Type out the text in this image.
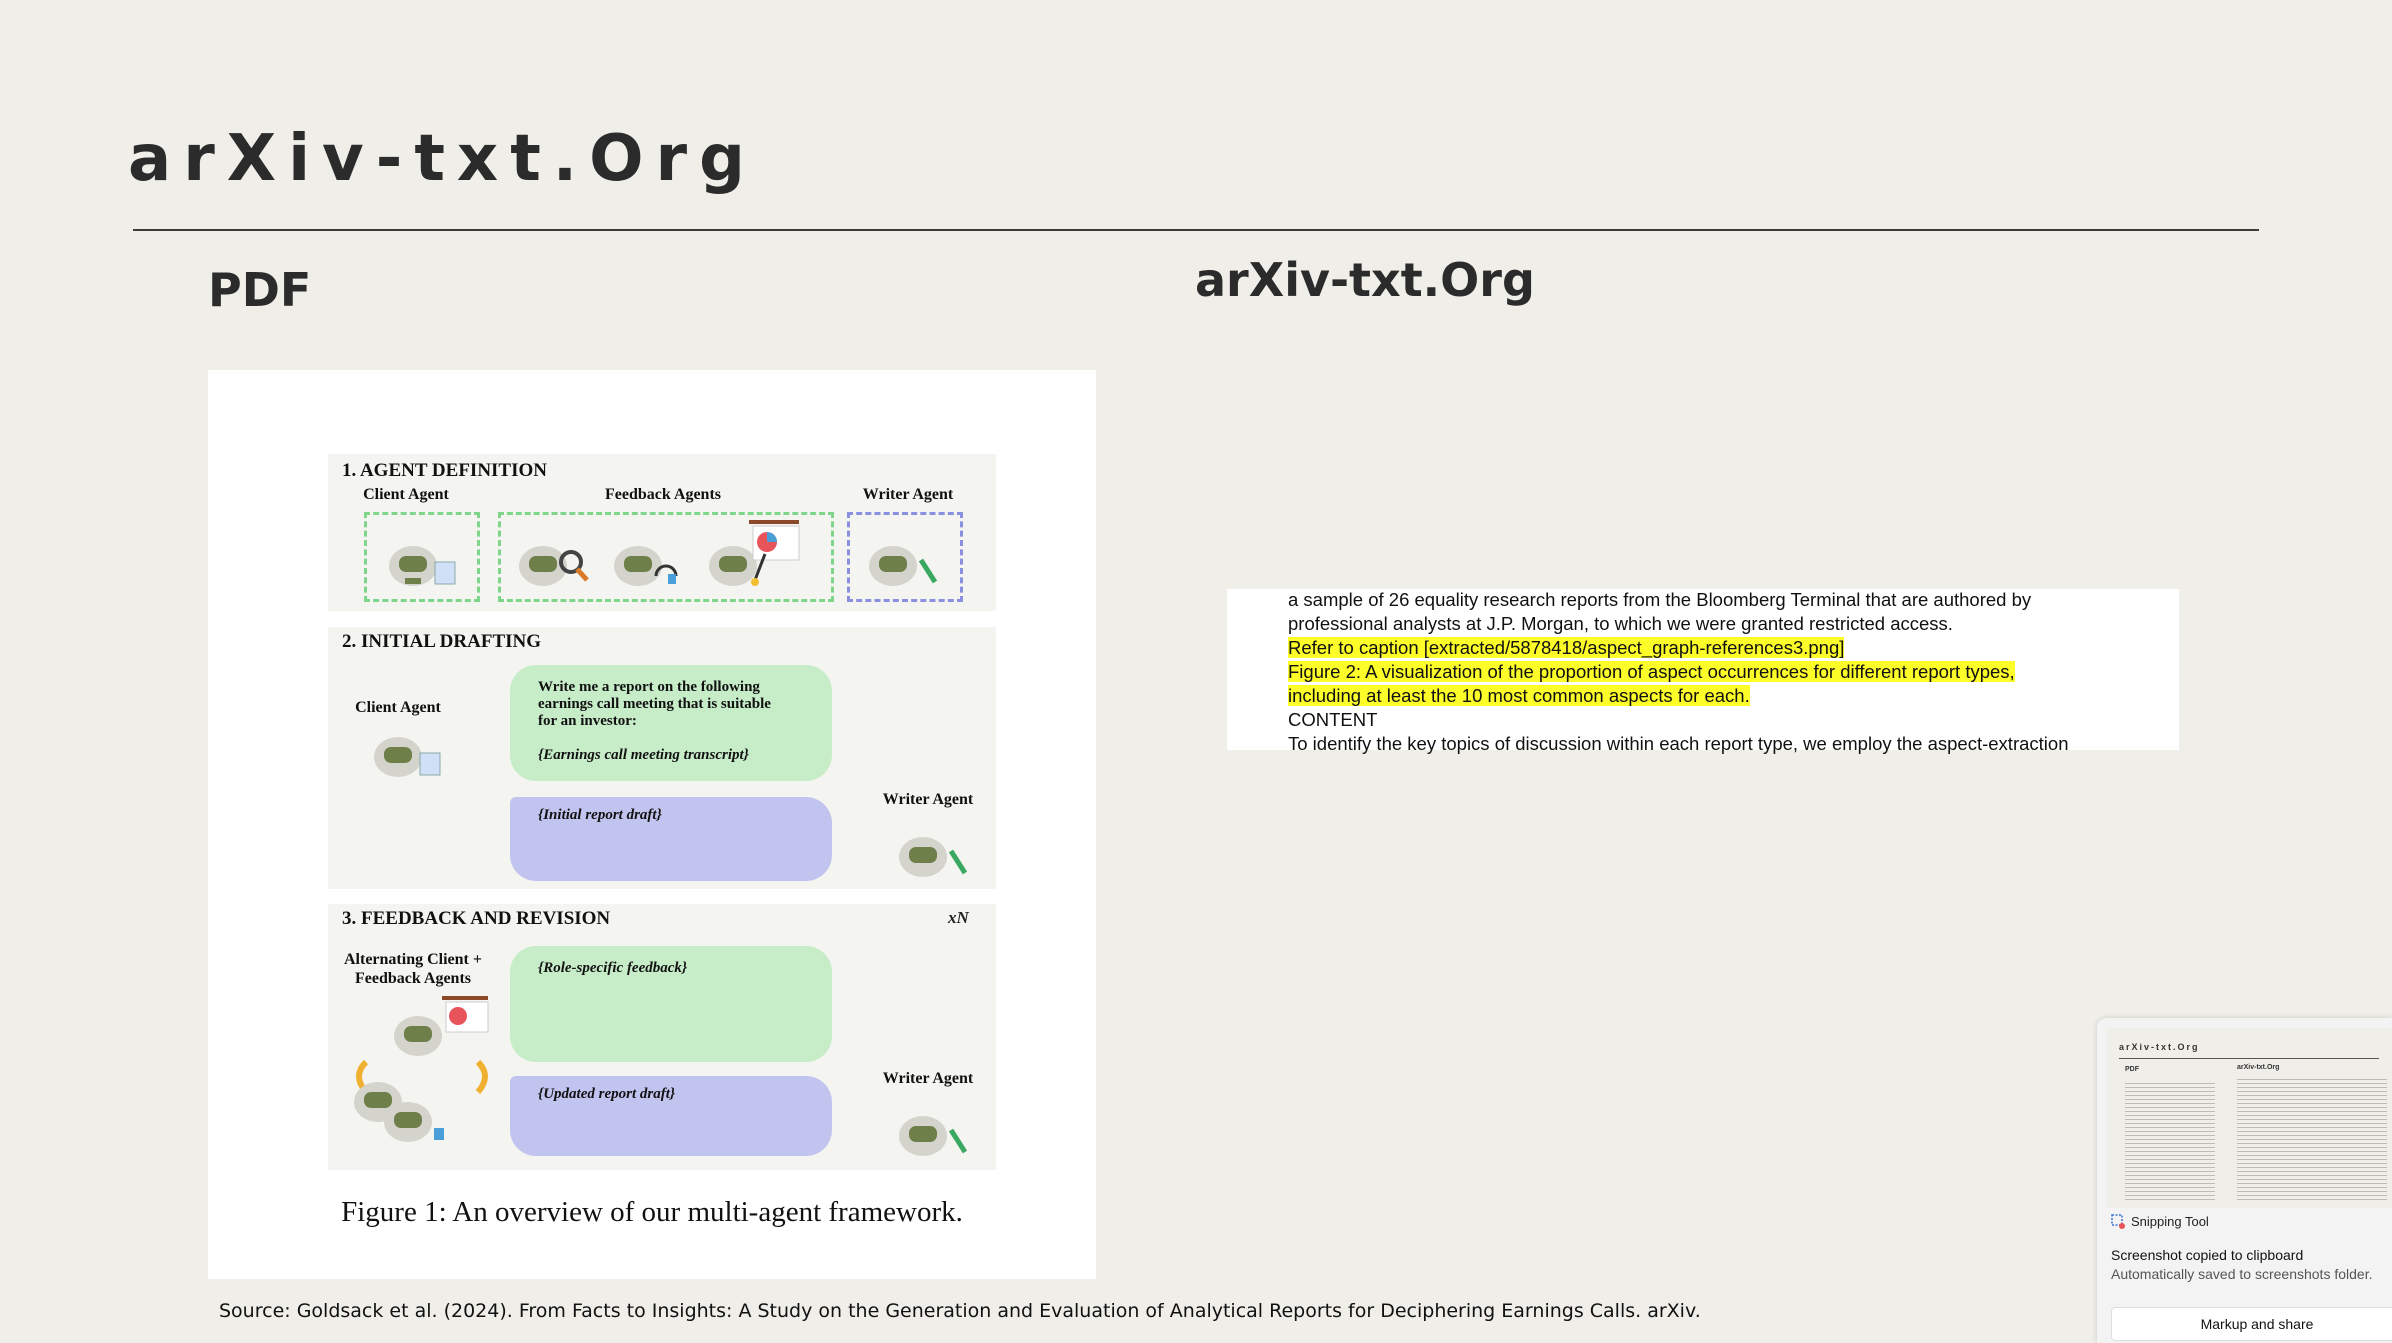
arXiv-txt.Org
PDF	arXiv-txt.Org
1. AGENT DEFINITION
Client Agent	Feedback Agents	Writer Agent
2. INITIAL DRAFTING
Client Agent
Write me a report on the following
earnings call meeting that is suitable
for an investor:
{Earnings call meeting transcript}
{Initial report draft}
Writer Agent
3. FEEDBACK AND REVISION	xN
Alternating Client +
Feedback Agents
{Role-specific feedback}
{Updated report draft}
Writer Agent
Figure 1: An overview of our multi-agent framework.
Source: Goldsack et al. (2024). From Facts to Insights: A Study on the Generation and Evaluation of Analytical Reports for Deciphering Earnings Calls. arXiv.
a sample of 26 equality research reports from the Bloomberg Terminal that are authored by
professional analysts at J.P. Morgan, to which we were granted restricted access.
Refer to caption [extracted/5878418/aspect_graph-references3.png]
Figure 2: A visualization of the proportion of aspect occurrences for different report types,
including at least the 10 most common aspects for each.
CONTENT
To identify the key topics of discussion within each report type, we employ the aspect-extraction
arXiv-txt.Org
PDF	arXiv-txt.Org
Snipping Tool
Screenshot copied to clipboard
Automatically saved to screenshots folder.
Markup and share
